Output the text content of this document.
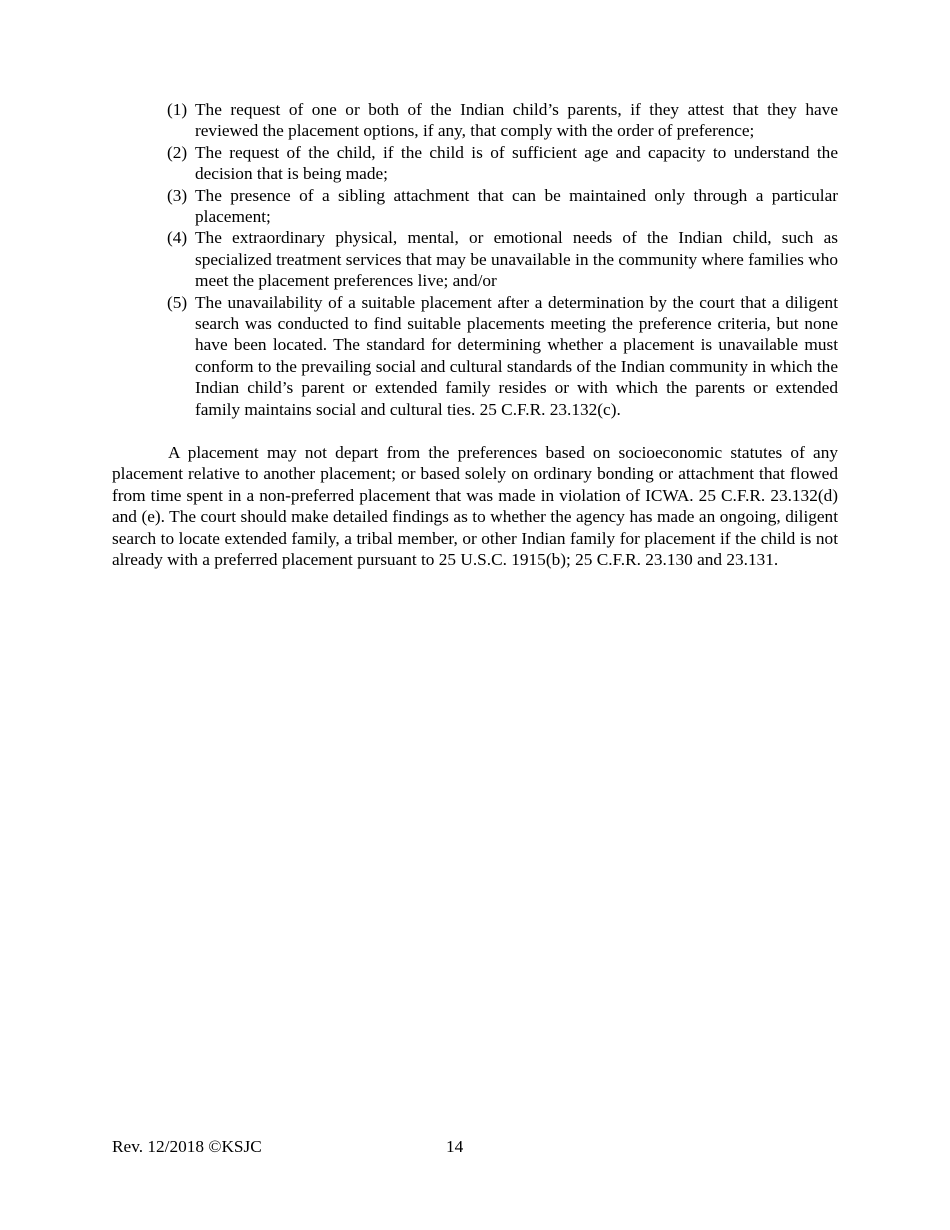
(1) The request of one or both of the Indian child’s parents, if they attest that they have reviewed the placement options, if any, that comply with the order of preference;
(2) The request of the child, if the child is of sufficient age and capacity to understand the decision that is being made;
(3) The presence of a sibling attachment that can be maintained only through a particular placement;
(4) The extraordinary physical, mental, or emotional needs of the Indian child, such as specialized treatment services that may be unavailable in the community where families who meet the placement preferences live; and/or
(5) The unavailability of a suitable placement after a determination by the court that a diligent search was conducted to find suitable placements meeting the preference criteria, but none have been located. The standard for determining whether a placement is unavailable must conform to the prevailing social and cultural standards of the Indian community in which the Indian child’s parent or extended family resides or with which the parents or extended family maintains social and cultural ties. 25 C.F.R. 23.132(c).

A placement may not depart from the preferences based on socioeconomic statutes of any placement relative to another placement; or based solely on ordinary bonding or attachment that flowed from time spent in a non-preferred placement that was made in violation of ICWA. 25 C.F.R. 23.132(d) and (e). The court should make detailed findings as to whether the agency has made an ongoing, diligent search to locate extended family, a tribal member, or other Indian family for placement if the child is not already with a preferred placement pursuant to 25 U.S.C. 1915(b); 25 C.F.R. 23.130 and 23.131.

Rev. 12/2018 ©KSJC	14
